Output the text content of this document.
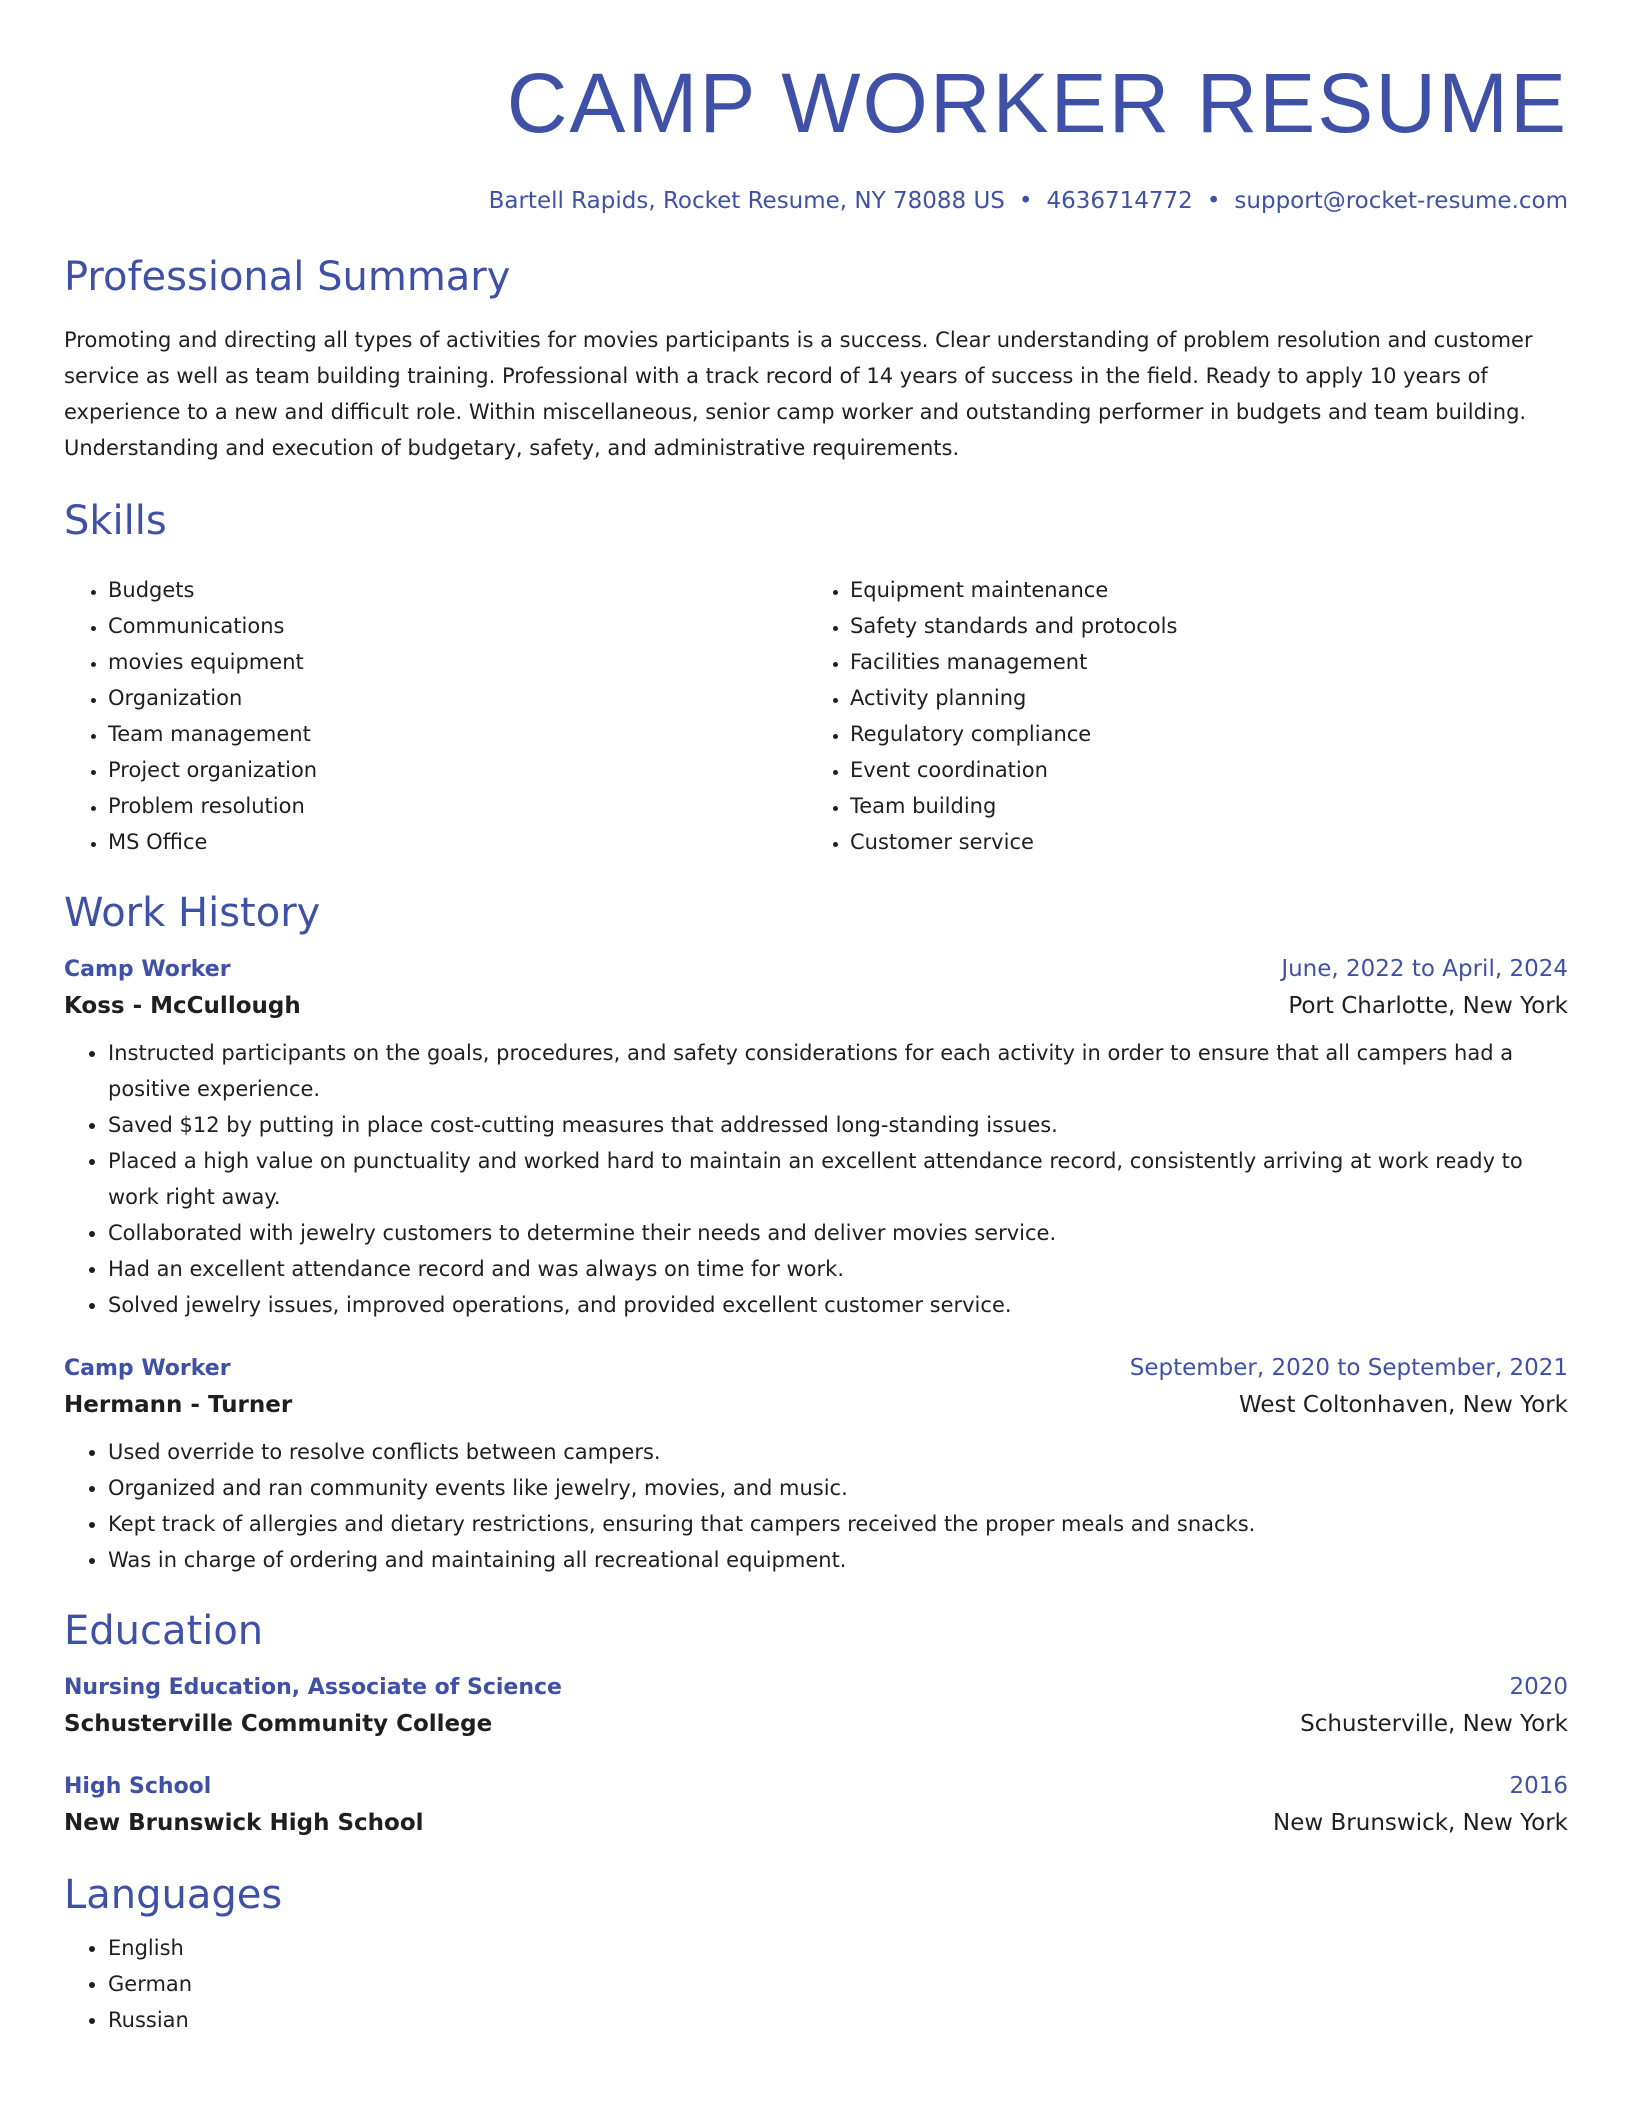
CAMP WORKER RESUME
Bartell Rapids, Rocket Resume, NY 78088 US • 4636714772 • support@rocket-resume.com
Professional Summary
Promoting and directing all types of activities for movies participants is a success. Clear understanding of problem resolution and customer service as well as team building training. Professional with a track record of 14 years of success in the field. Ready to apply 10 years of experience to a new and difficult role. Within miscellaneous, senior camp worker and outstanding performer in budgets and team building. Understanding and execution of budgetary, safety, and administrative requirements.
Skills
• Budgets
• Communications
• movies equipment
• Organization
• Team management
• Project organization
• Problem resolution
• MS Office
• Equipment maintenance
• Safety standards and protocols
• Facilities management
• Activity planning
• Regulatory compliance
• Event coordination
• Team building
• Customer service
Work History
Camp Worker	June, 2022 to April, 2024
Koss - McCullough	Port Charlotte, New York
• Instructed participants on the goals, procedures, and safety considerations for each activity in order to ensure that all campers had a positive experience.
• Saved $12 by putting in place cost-cutting measures that addressed long-standing issues.
• Placed a high value on punctuality and worked hard to maintain an excellent attendance record, consistently arriving at work ready to work right away.
• Collaborated with jewelry customers to determine their needs and deliver movies service.
• Had an excellent attendance record and was always on time for work.
• Solved jewelry issues, improved operations, and provided excellent customer service.
Camp Worker	September, 2020 to September, 2021
Hermann - Turner	West Coltonhaven, New York
• Used override to resolve conflicts between campers.
• Organized and ran community events like jewelry, movies, and music.
• Kept track of allergies and dietary restrictions, ensuring that campers received the proper meals and snacks.
• Was in charge of ordering and maintaining all recreational equipment.
Education
Nursing Education, Associate of Science	2020
Schusterville Community College	Schusterville, New York
High School	2016
New Brunswick High School	New Brunswick, New York
Languages
• English
• German
• Russian
